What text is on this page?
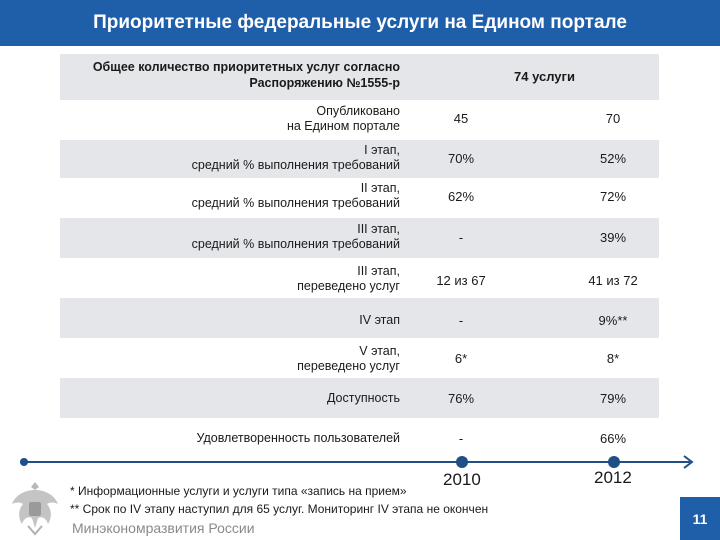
Приоритетные федеральные услуги на Едином портале
Общее количество приоритетных услуг согласно
Распоряжению №1555-р	74 услуги
Опубликовано
на Едином портале	45	70
I этап,
средний % выполнения требований	70%	52%
II этап,
средний % выполнения требований	62%	72%
III этап,
средний % выполнения требований	-	39%
III этап,
переведено услуг	12 из 67	41 из 72
IV этап	-	9%**
V этап,
переведено услуг	6*	8*
Доступность	76%	79%
Удовлетворенность пользователей	-	66%
2010	2012
* Информационные услуги и услуги типа «запись на прием»
** Срок по IV этапу наступил для 65 услуг. Мониторинг IV этапа не окончен
Минэкономразвития России
11
